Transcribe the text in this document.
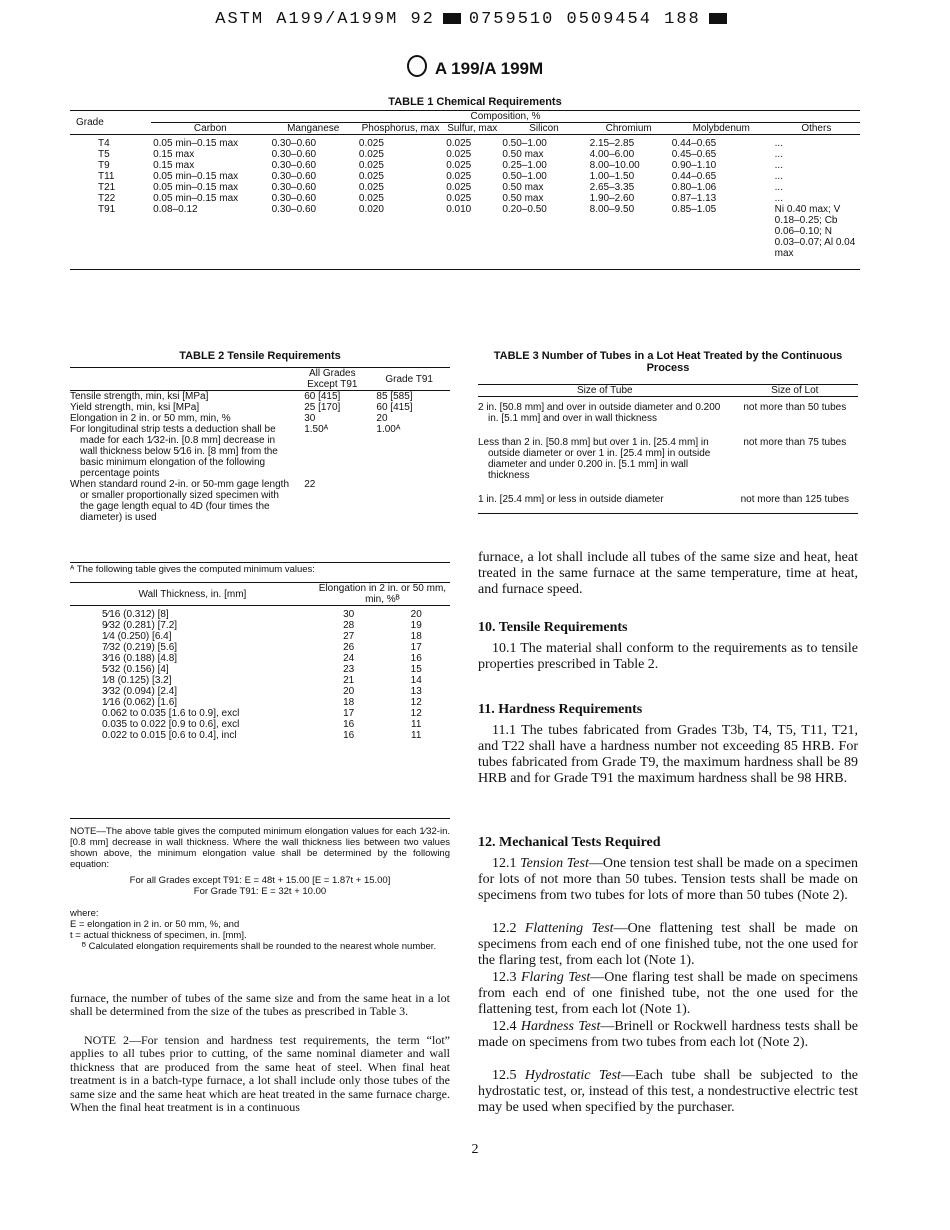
ASTM A199/A199M 92 0759510 0509454 188
A 199/A 199M
TABLE 1 Chemical Requirements
Grade	Composition, %							
	Carbon	Manganese	Phosphorus, max	Sulfur, max	Silicon	Chromium	Molybdenum	Others
T4	0.05 min–0.15 max	0.30–0.60	0.025	0.025	0.50–1.00	2.15–2.85	0.44–0.65	...
T5	0.15 max	0.30–0.60	0.025	0.025	0.50 max	4.00–6.00	0.45–0.65	...
T9	0.15 max	0.30–0.60	0.025	0.025	0.25–1.00	8.00–10.00	0.90–1.10	...
T11	0.05 min–0.15 max	0.30–0.60	0.025	0.025	0.50–1.00	1.00–1.50	0.44–0.65	...
T21	0.05 min–0.15 max	0.30–0.60	0.025	0.025	0.50 max	2.65–3.35	0.80–1.06	...
T22	0.05 min–0.15 max	0.30–0.60	0.025	0.025	0.50 max	1.90–2.60	0.87–1.13	...
T91	0.08–0.12	0.30–0.60	0.020	0.010	0.20–0.50	8.00–9.50	0.85–1.05	Ni 0.40 max; V 0.18–0.25; Cb 0.06–0.10; N 0.03–0.07; Al 0.04 max
TABLE 2 Tensile Requirements
	All Grades Except T91	Grade T91
Tensile strength, min, ksi [MPa]	60 [415]	85 [585]
Yield strength, min, ksi [MPa]	25 [170]	60 [415]
Elongation in 2 in. or 50 mm, min, %	30	20
For longitudinal strip tests a deduction shall be made for each 1⁄32-in. [0.8 mm] decrease in wall thickness below 5⁄16 in. [8 mm] from the basic minimum elongation of the following percentage points	1.50ᴬ	1.00ᴬ
When standard round 2-in. or 50-mm gage length or smaller proportionally sized specimen with the gage length equal to 4D (four times the diameter) is used	22	
ᴬ The following table gives the computed minimum values:
Wall Thickness, in. [mm]	Elongation in 2 in. or 50 mm, min, %ᴮ	
5⁄16 (0.312) [8]	30	20
9⁄32 (0.281) [7.2]	28	19
1⁄4 (0.250) [6.4]	27	18
7⁄32 (0.219) [5.6]	26	17
3⁄16 (0.188) [4.8]	24	16
5⁄32 (0.156) [4]	23	15
1⁄8 (0.125) [3.2]	21	14
3⁄32 (0.094) [2.4]	20	13
1⁄16 (0.062) [1.6]	18	12
0.062 to 0.035 [1.6 to 0.9], excl	17	12
0.035 to 0.022 [0.9 to 0.6], excl	16	11
0.022 to 0.015 [0.6 to 0.4], incl	16	11
NOTE—The above table gives the computed minimum elongation values for each 1⁄32-in. [0.8 mm] decrease in wall thickness. Where the wall thickness lies between two values shown above, the minimum elongation value shall be determined by the following equation:
For all Grades except T91: E = 48t + 15.00 [E = 1.87t + 15.00]
For Grade T91: E = 32t + 10.00
where:
E = elongation in 2 in. or 50 mm, %, and
t = actual thickness of specimen, in. [mm].
ᴮ Calculated elongation requirements shall be rounded to the nearest whole number.
furnace, the number of tubes of the same size and from the same heat in a lot shall be determined from the size of the tubes as prescribed in Table 3.
NOTE 2—For tension and hardness test requirements, the term “lot” applies to all tubes prior to cutting, of the same nominal diameter and wall thickness that are produced from the same heat of steel. When final heat treatment is in a batch-type furnace, a lot shall include only those tubes of the same size and the same heat which are heat treated in the same furnace charge. When the final heat treatment is in a continuous
TABLE 3 Number of Tubes in a Lot Heat Treated by the Continuous Process
Size of Tube	Size of Lot
2 in. [50.8 mm] and over in outside diameter and 0.200 in. [5.1 mm] and over in wall thickness	not more than 50 tubes
Less than 2 in. [50.8 mm] but over 1 in. [25.4 mm] in outside diameter or over 1 in. [25.4 mm] in outside diameter and under 0.200 in. [5.1 mm] in wall thickness	not more than 75 tubes
1 in. [25.4 mm] or less in outside diameter	not more than 125 tubes
furnace, a lot shall include all tubes of the same size and heat, heat treated in the same furnace at the same temperature, time at heat, and furnace speed.
10. Tensile Requirements
10.1 The material shall conform to the requirements as to tensile properties prescribed in Table 2.
11. Hardness Requirements
11.1 The tubes fabricated from Grades T3b, T4, T5, T11, T21, and T22 shall have a hardness number not exceeding 85 HRB. For tubes fabricated from Grade T9, the maximum hardness shall be 89 HRB and for Grade T91 the maximum hardness shall be 98 HRB.
12. Mechanical Tests Required
12.1 Tension Test—One tension test shall be made on a specimen for lots of not more than 50 tubes. Tension tests shall be made on specimens from two tubes for lots of more than 50 tubes (Note 2).
12.2 Flattening Test—One flattening test shall be made on specimens from each end of one finished tube, not the one used for the flaring test, from each lot (Note 1).
12.3 Flaring Test—One flaring test shall be made on specimens from each end of one finished tube, not the one used for the flattening test, from each lot (Note 1).
12.4 Hardness Test—Brinell or Rockwell hardness tests shall be made on specimens from two tubes from each lot (Note 2).
12.5 Hydrostatic Test—Each tube shall be subjected to the hydrostatic test, or, instead of this test, a nondestructive electric test may be used when specified by the purchaser.
2
